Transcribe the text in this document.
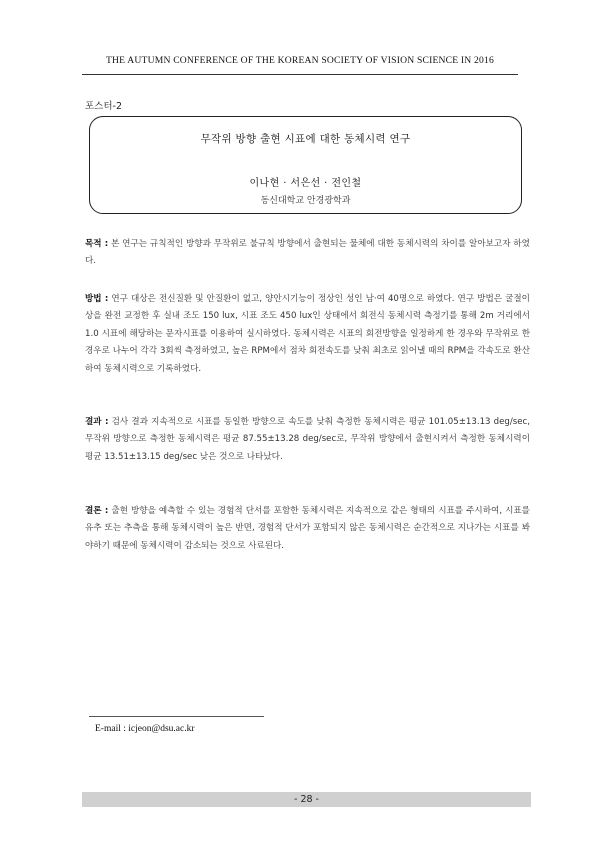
THE AUTUMN CONFERENCE OF THE KOREAN SOCIETY OF VISION SCIENCE IN 2016
포스터-2
무작위 방향 출현 시표에 대한 동체시력 연구
이나현 · 서은선 · 전인철
동신대학교 안경광학과

목적 : 본 연구는 규칙적인 방향과 무작위로 불규칙 방향에서 출현되는 물체에 대한 동체시력의 차이를 알아보고자 하였다.

방법 : 연구 대상은 전신질환 및 안질환이 없고, 양안시기능이 정상인 성인 남·여 40명으로 하였다. 연구 방법은 굴절이상을 완전 교정한 후 실내 조도 150 lux, 시표 조도 450 lux인 상태에서 회전식 동체시력 측정기를 통해 2m 거리에서 1.0 시표에 해당하는 문자시표를 이용하여 실시하였다. 동체시력은 시표의 회전방향을 일정하게 한 경우와 무작위로 한 경우로 나누어 각각 3회씩 측정하였고, 높은 RPM에서 점차 회전속도를 낮춰 최초로 읽어낼 때의 RPM을 각속도로 환산하여 동체시력으로 기록하였다.

결과 : 검사 결과 지속적으로 시표를 동일한 방향으로 속도를 낮춰 측정한 동체시력은 평균 101.05±13.13 deg/sec, 무작위 방향으로 측정한 동체시력은 평균 87.55±13.28 deg/sec로, 무작위 방향에서 출현시켜서 측정한 동체시력이 평균 13.51±13.15 deg/sec 낮은 것으로 나타났다.

결론 : 출현 방향을 예측할 수 있는 경험적 단서를 포함한 동체시력은 지속적으로 같은 형태의 시표를 주시하여, 시표를 유추 또는 추측을 통해 동체시력이 높은 반면, 경험적 단서가 포함되지 않은 동체시력은 순간적으로 지나가는 시표를 봐야하기 때문에 동체시력이 감소되는 것으로 사료된다.

E-mail : icjeon@dsu.ac.kr
- 28 -
